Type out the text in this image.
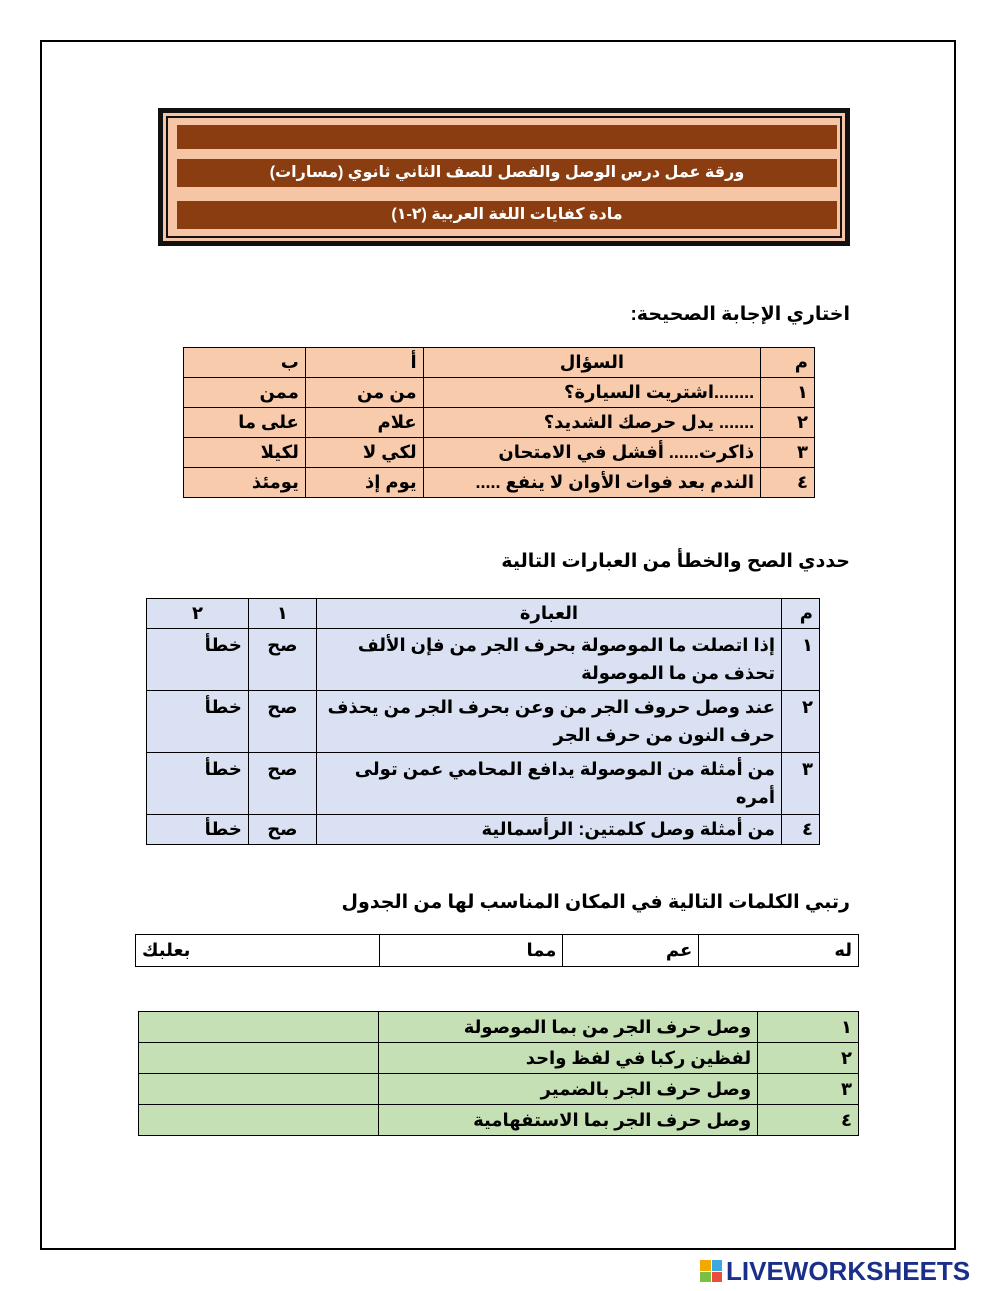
ورقة عمل درس الوصل والفصل للصف الثاني ثانوي (مسارات)
مادة كفايات اللغة العربية (٢-١)
اختاري الإجابة الصحيحة:
م	السؤال	أ	ب
١	........اشتريت السيارة؟	من من	ممن
٢	....... يدل حرصك الشديد؟	علام	على ما
٣	ذاكرت...... أفشل في الامتحان	لكي لا	لكيلا
٤	الندم بعد فوات الأوان لا ينفع .....	يوم إذ	يومئذ
حددي الصح والخطأ من العبارات التالية
م	العبارة	١	٢
١	إذا اتصلت ما الموصولة بحرف الجر من فإن الألف تحذف من ما الموصولة	صح	خطأ
٢	عند وصل حروف الجر من وعن بحرف الجر من يحذف حرف النون من حرف الجر	صح	خطأ
٣	من أمثلة من الموصولة يدافع المحامي عمن تولى أمره	صح	خطأ
٤	من أمثلة وصل كلمتين: الرأسمالية	صح	خطأ
رتبي الكلمات التالية في المكان المناسب لها من الجدول
له	عم	مما	بعلبك
١	وصل حرف الجر من بما الموصولة	
٢	لفظين ركبا في لفظ واحد	
٣	وصل حرف الجر بالضمير	
٤	وصل حرف الجر بما الاستفهامية	
LIVEWORKSHEETS
